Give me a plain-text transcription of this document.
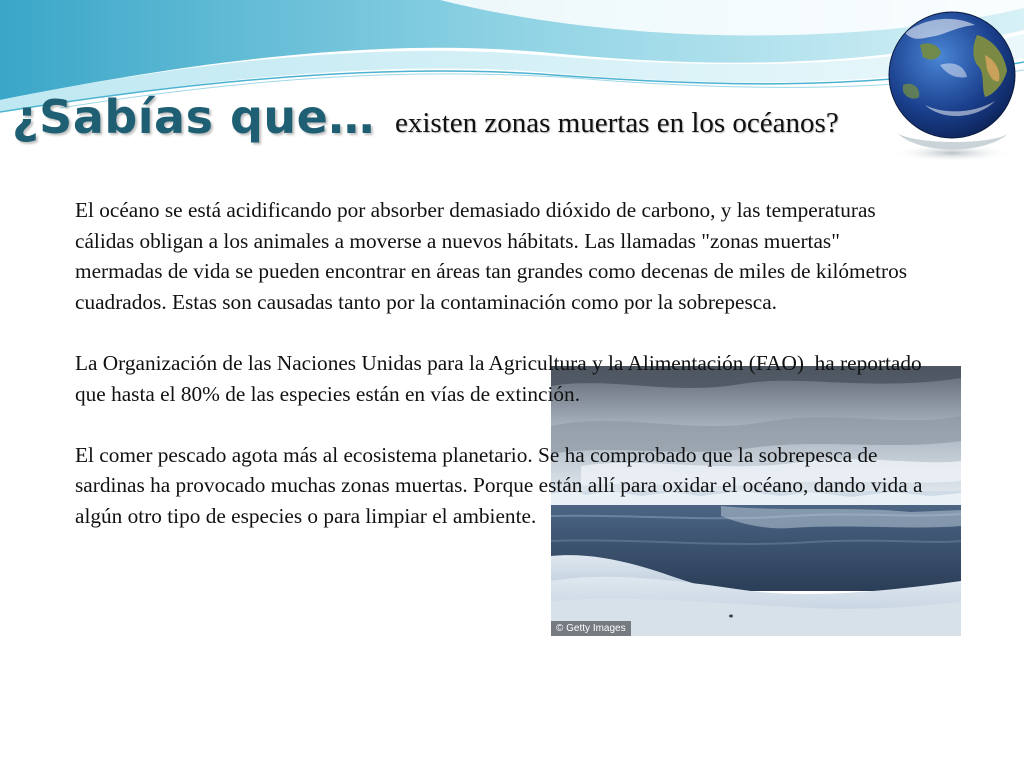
¿Sabías que… existen zonas muertas en los océanos?
© Getty Images

El océano se está acidificando por absorber demasiado dióxido de carbono, y las temperaturas cálidas obligan a los animales a moverse a nuevos hábitats. Las llamadas "zonas muertas"  mermadas de vida se pueden encontrar en áreas tan grandes como decenas de miles de kilómetros cuadrados. Estas son causadas tanto por la contaminación como por la sobrepesca.

La Organización de las Naciones Unidas para la Agricultura y la Alimentación (FAO)  ha reportado que hasta el 80% de las especies están en vías de extinción.

El comer pescado agota más al ecosistema planetario. Se ha comprobado que la sobrepesca de sardinas ha provocado muchas zonas muertas. Porque están allí para oxidar el océano, dando vida a algún otro tipo de especies o para limpiar el ambiente.
